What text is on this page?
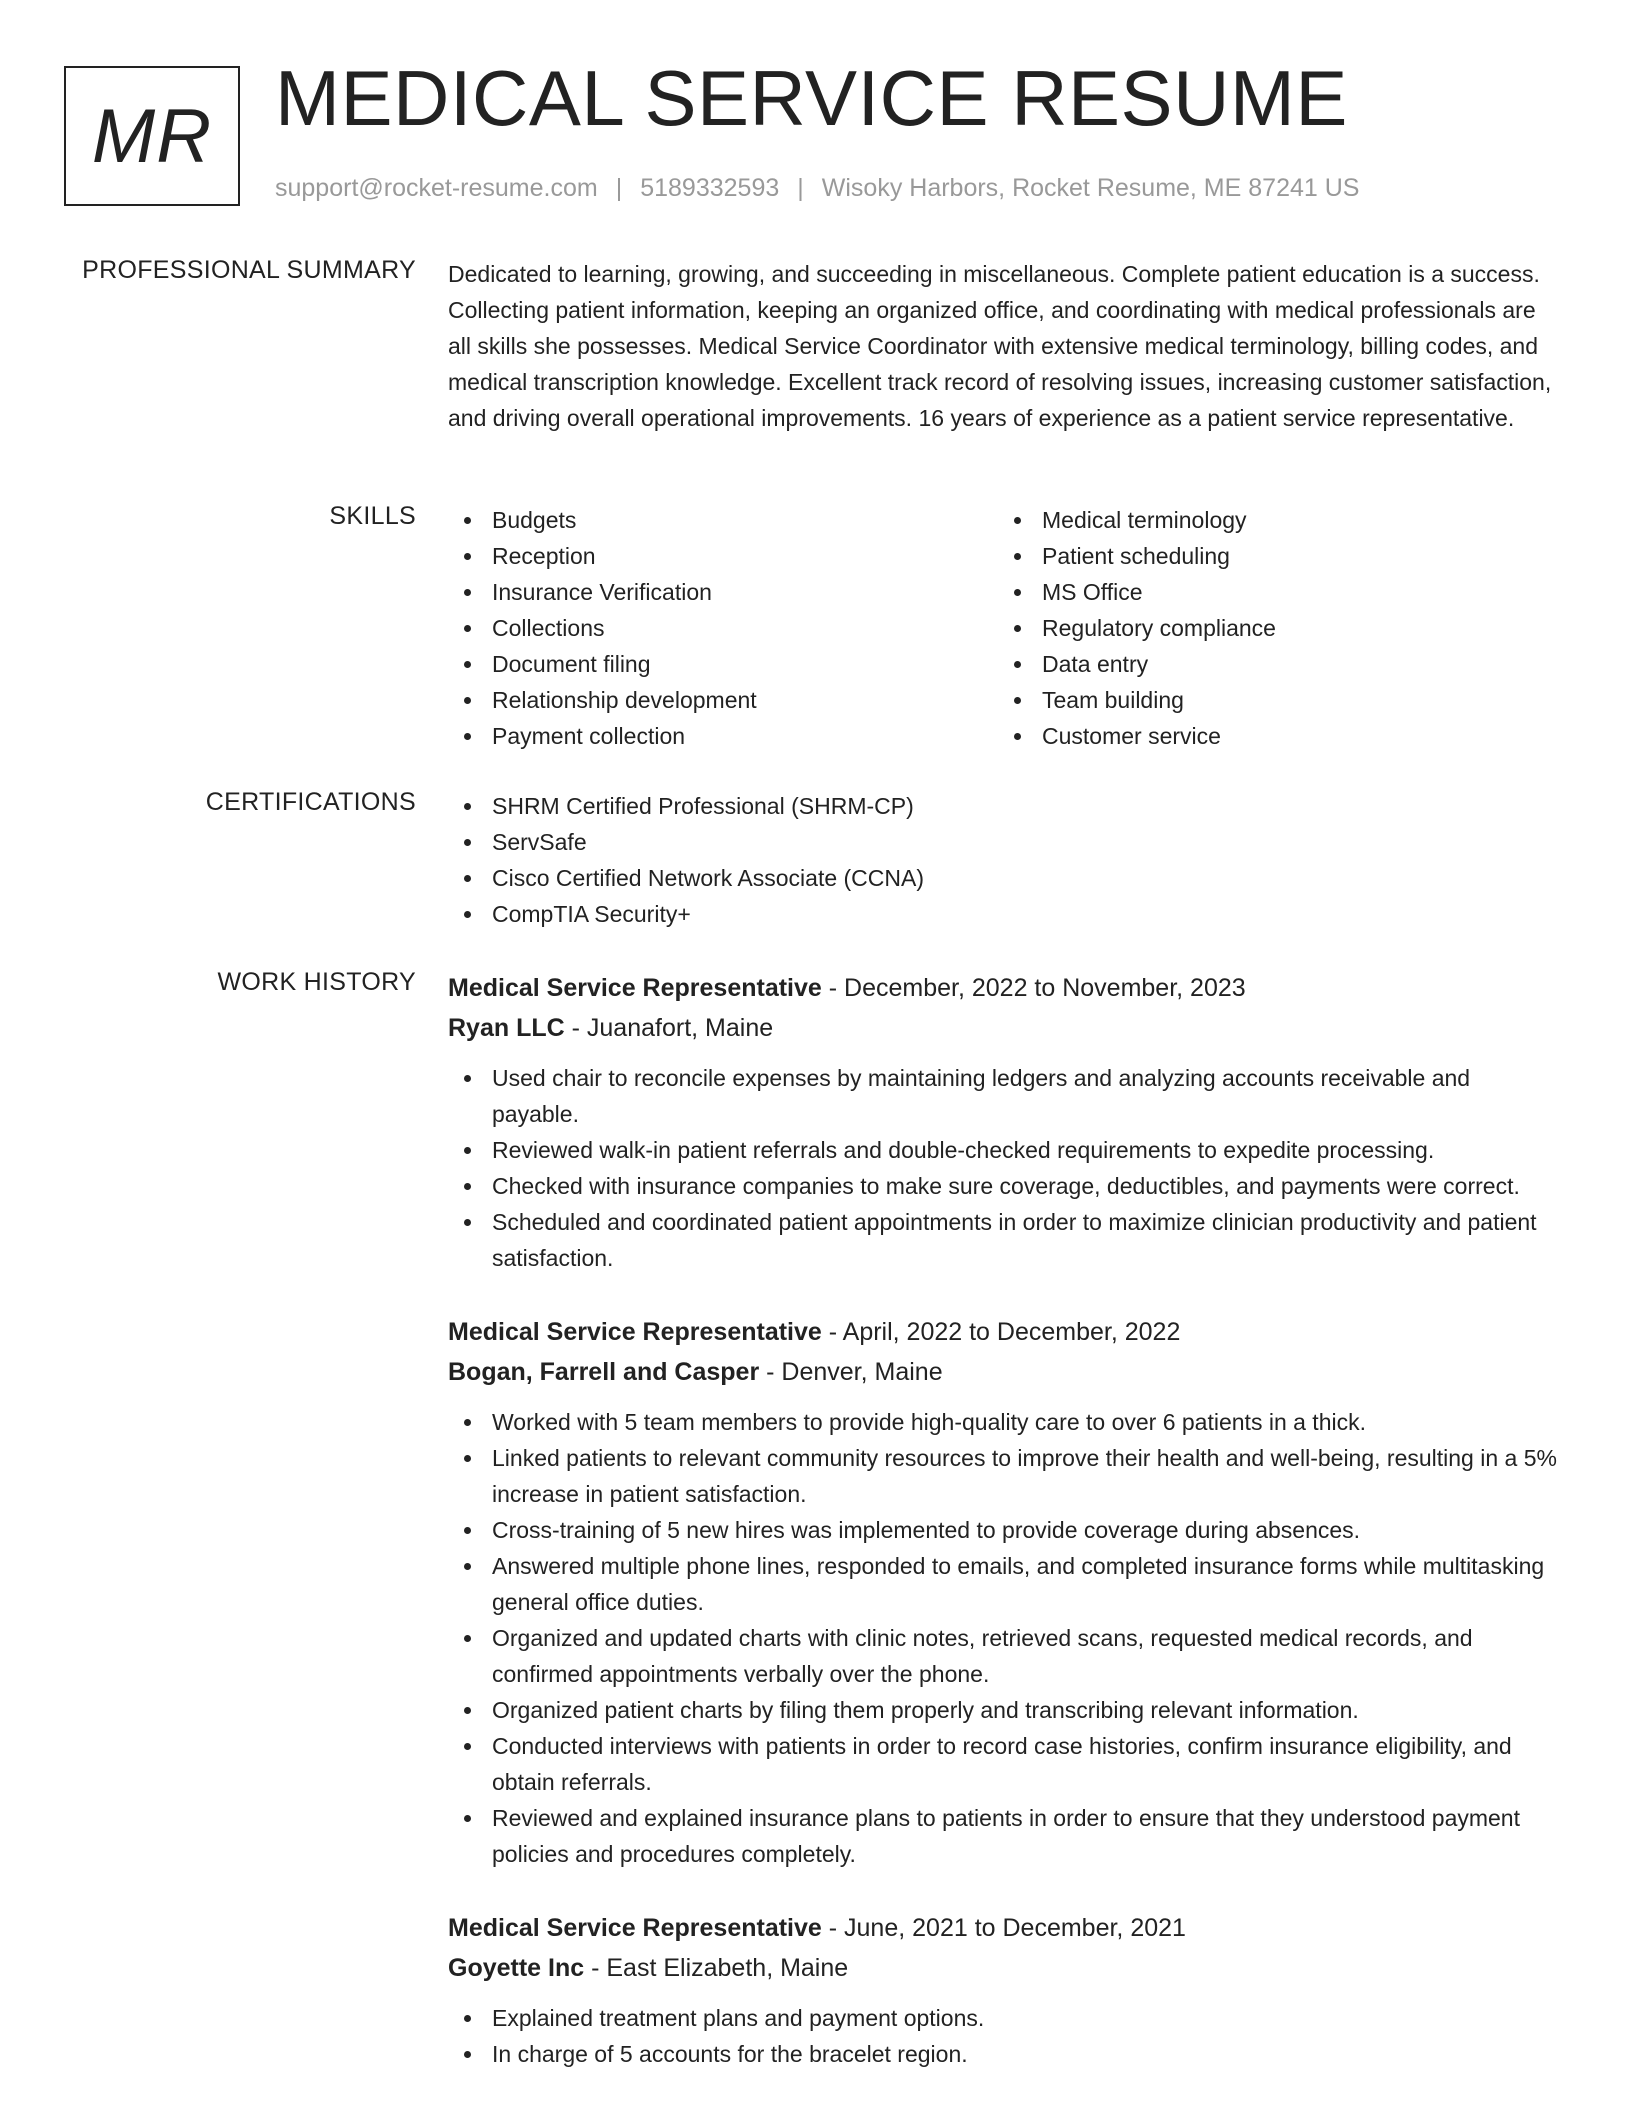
MR MEDICAL SERVICE RESUME
support@rocket-resume.com | 5189332593 | Wisoky Harbors, Rocket Resume, ME 87241 US
PROFESSIONAL SUMMARY Dedicated to learning, growing, and succeeding in miscellaneous. Complete patient education is a success. Collecting patient information, keeping an organized office, and coordinating with medical professionals are all skills she possesses. Medical Service Coordinator with extensive medical terminology, billing codes, and medical transcription knowledge. Excellent track record of resolving issues, increasing customer satisfaction, and driving overall operational improvements. 16 years of experience as a patient service representative.
SKILLS	Budgets
Reception
Insurance Verification
Collections
Document filing
Relationship development
Payment collection
Medical terminology
Patient scheduling
MS Office
Regulatory compliance
Data entry
Team building
Customer service
CERTIFICATIONS	SHRM Certified Professional (SHRM-CP)
ServSafe
Cisco Certified Network Associate (CCNA)
CompTIA Security+
WORK HISTORY Medical Service Representative - December, 2022 to November, 2023
Ryan LLC - Juanafort, Maine
Used chair to reconcile expenses by maintaining ledgers and analyzing accounts receivable and payable.
Reviewed walk-in patient referrals and double-checked requirements to expedite processing.
Checked with insurance companies to make sure coverage, deductibles, and payments were correct.
Scheduled and coordinated patient appointments in order to maximize clinician productivity and patient satisfaction.
Medical Service Representative - April, 2022 to December, 2022
Bogan, Farrell and Casper - Denver, Maine
Worked with 5 team members to provide high-quality care to over 6 patients in a thick.
Linked patients to relevant community resources to improve their health and well-being, resulting in a 5% increase in patient satisfaction.
Cross-training of 5 new hires was implemented to provide coverage during absences.
Answered multiple phone lines, responded to emails, and completed insurance forms while multitasking general office duties.
Organized and updated charts with clinic notes, retrieved scans, requested medical records, and confirmed appointments verbally over the phone.
Organized patient charts by filing them properly and transcribing relevant information.
Conducted interviews with patients in order to record case histories, confirm insurance eligibility, and obtain referrals.
Reviewed and explained insurance plans to patients in order to ensure that they understood payment policies and procedures completely.
Medical Service Representative - June, 2021 to December, 2021
Goyette Inc - East Elizabeth, Maine
Explained treatment plans and payment options.
In charge of 5 accounts for the bracelet region.
